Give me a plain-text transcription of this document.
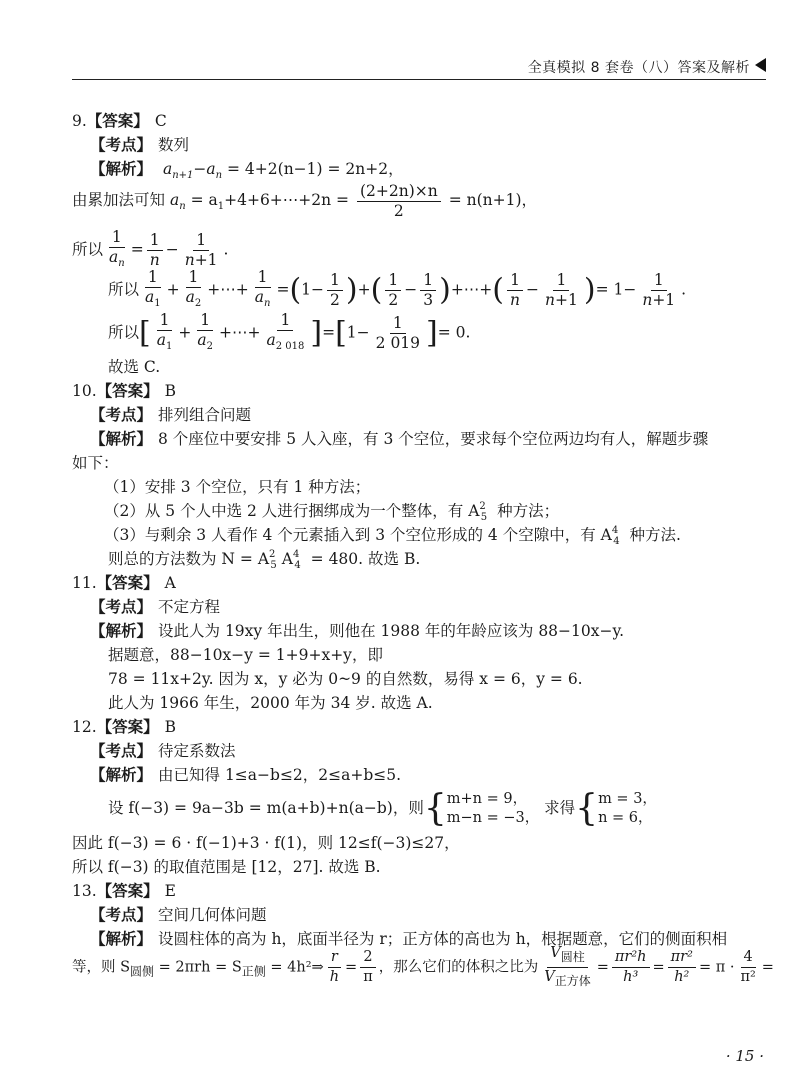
全真模拟 8 套卷（八）答案及解析
9.【答案】 C
【考点】 数列
【解析】 $a_{n+1}-a_n = 4+2(n-1) = 2n+2$，
由累加法可知 $a_n$ = $a_1+4+6+\cdots+2n = \frac{(2+2n)\times n}{2} = n(n+1)$，
所以 $\frac{1}{a_n} = \frac{1}{n} - \frac{1}{n+1}$ .
所以 $\frac{1}{a_1} + \frac{1}{a_2}$ +⋯+ $\frac{1}{a_n} =(1- \frac{1}{2}$ )+( $\frac{1}{2} - \frac{1}{3}$ )+⋯+( $\frac{1}{n} - \frac{1}{n+1}$ )= $1- \frac{1}{n+1}$ .
所以[ $\frac{1}{a_1} + \frac{1}{a_2}$ +⋯+ $\frac{1}{a_{2 018}} ]=[1- \frac{1}{2 019}$ ]= 0.
故选 C.
10.【答案】 B
【考点】 排列组合问题
【解析】 8 个座位中要安排 5 人入座，有 3 个空位，要求每个空位两边均有人，解题步骤
如下：
（1）安排 3 个空位，只有 1 种方法；
（2）从 5 个人中选 2 人进行捆绑成为一个整体，有 $A^2_5$ 种方法；
（3）与剩余 3 人看作 4 个元素插入到 3 个空位形成的 4 个空隙中，有 $A^4_4$ 种方法.
则总的方法数为 $N = A^2_5$ $A^4_4 = 480$. 故选 B.
11.【答案】 A
【考点】 不定方程
【解析】 设此人为 19xy 年出生，则他在 1988 年的年龄应该为 88−10x−y.
据题意，88−10x−y = 1+9+x+y，即
78 = 11x+2y. 因为 x，y 必为 0~9 的自然数，易得 x = 6，y = 6.
此人为 1966 年生，2000 年为 34 岁. 故选 A.
12.【答案】 B
【考点】 待定系数法
【解析】 由已知得 1≤a−b≤2，2≤a+b≤5.
设 f(−3) = 9a−3b = m(a+b)+n(a−b)，则 { m+n = 9，
m−n = −3，
求得 { m = 3，
n = 6，
因此 f(−3) = 6 · f(−1)+3 · f(1)，则 12≤f(−3)≤27，
所以 f(−3) 的取值范围是 [12，27]. 故选 B.
13.【答案】 E
【考点】 空间几何体问题
【解析】 设圆柱体的高为 h，底面半径为 r；正方体的高也为 h，根据题意，它们的侧面积相
等，则 $S_{圆侧} = 2\pi rh = S_{正侧}$ = 4h²⇒ $\frac{r}{h} = \frac{2}{\pi}$ ，那么它们的体积之比为 $\frac{V_{圆柱}}{V_{正方体}} = \frac{\text{πr²h}}{\text{h³}} = \frac{\text{πr²}}{\text{h²}} = \pi \cdot \frac{4}{\text{π²}}$ =
· 15 ·
